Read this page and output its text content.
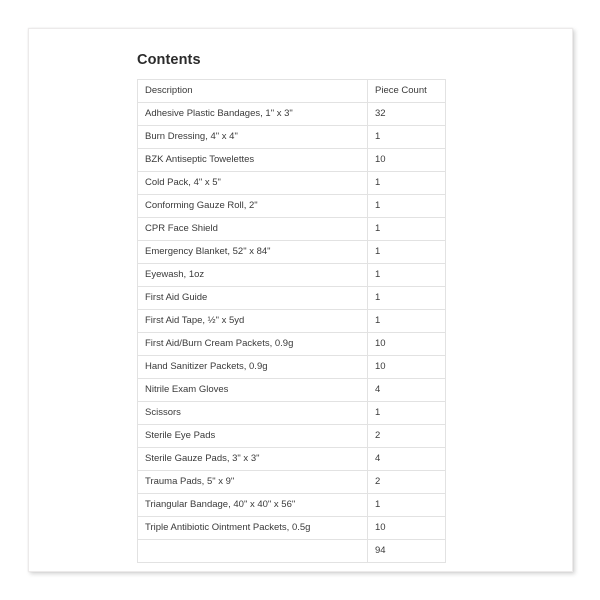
Contents
Description	Piece Count
Adhesive Plastic Bandages, 1" x 3"	32
Burn Dressing, 4" x 4"	1
BZK Antiseptic Towelettes	10
Cold Pack, 4" x 5"	1
Conforming Gauze Roll, 2"	1
CPR Face Shield	1
Emergency Blanket, 52" x 84"	1
Eyewash, 1oz	1
First Aid Guide	1
First Aid Tape, ½" x 5yd	1
First Aid/Burn Cream Packets, 0.9g	10
Hand Sanitizer Packets, 0.9g	10
Nitrile Exam Gloves	4
Scissors	1
Sterile Eye Pads	2
Sterile Gauze Pads, 3" x 3"	4
Trauma Pads, 5" x 9"	2
Triangular Bandage, 40" x 40" x 56"	1
Triple Antibiotic Ointment Packets, 0.5g	10
	94
